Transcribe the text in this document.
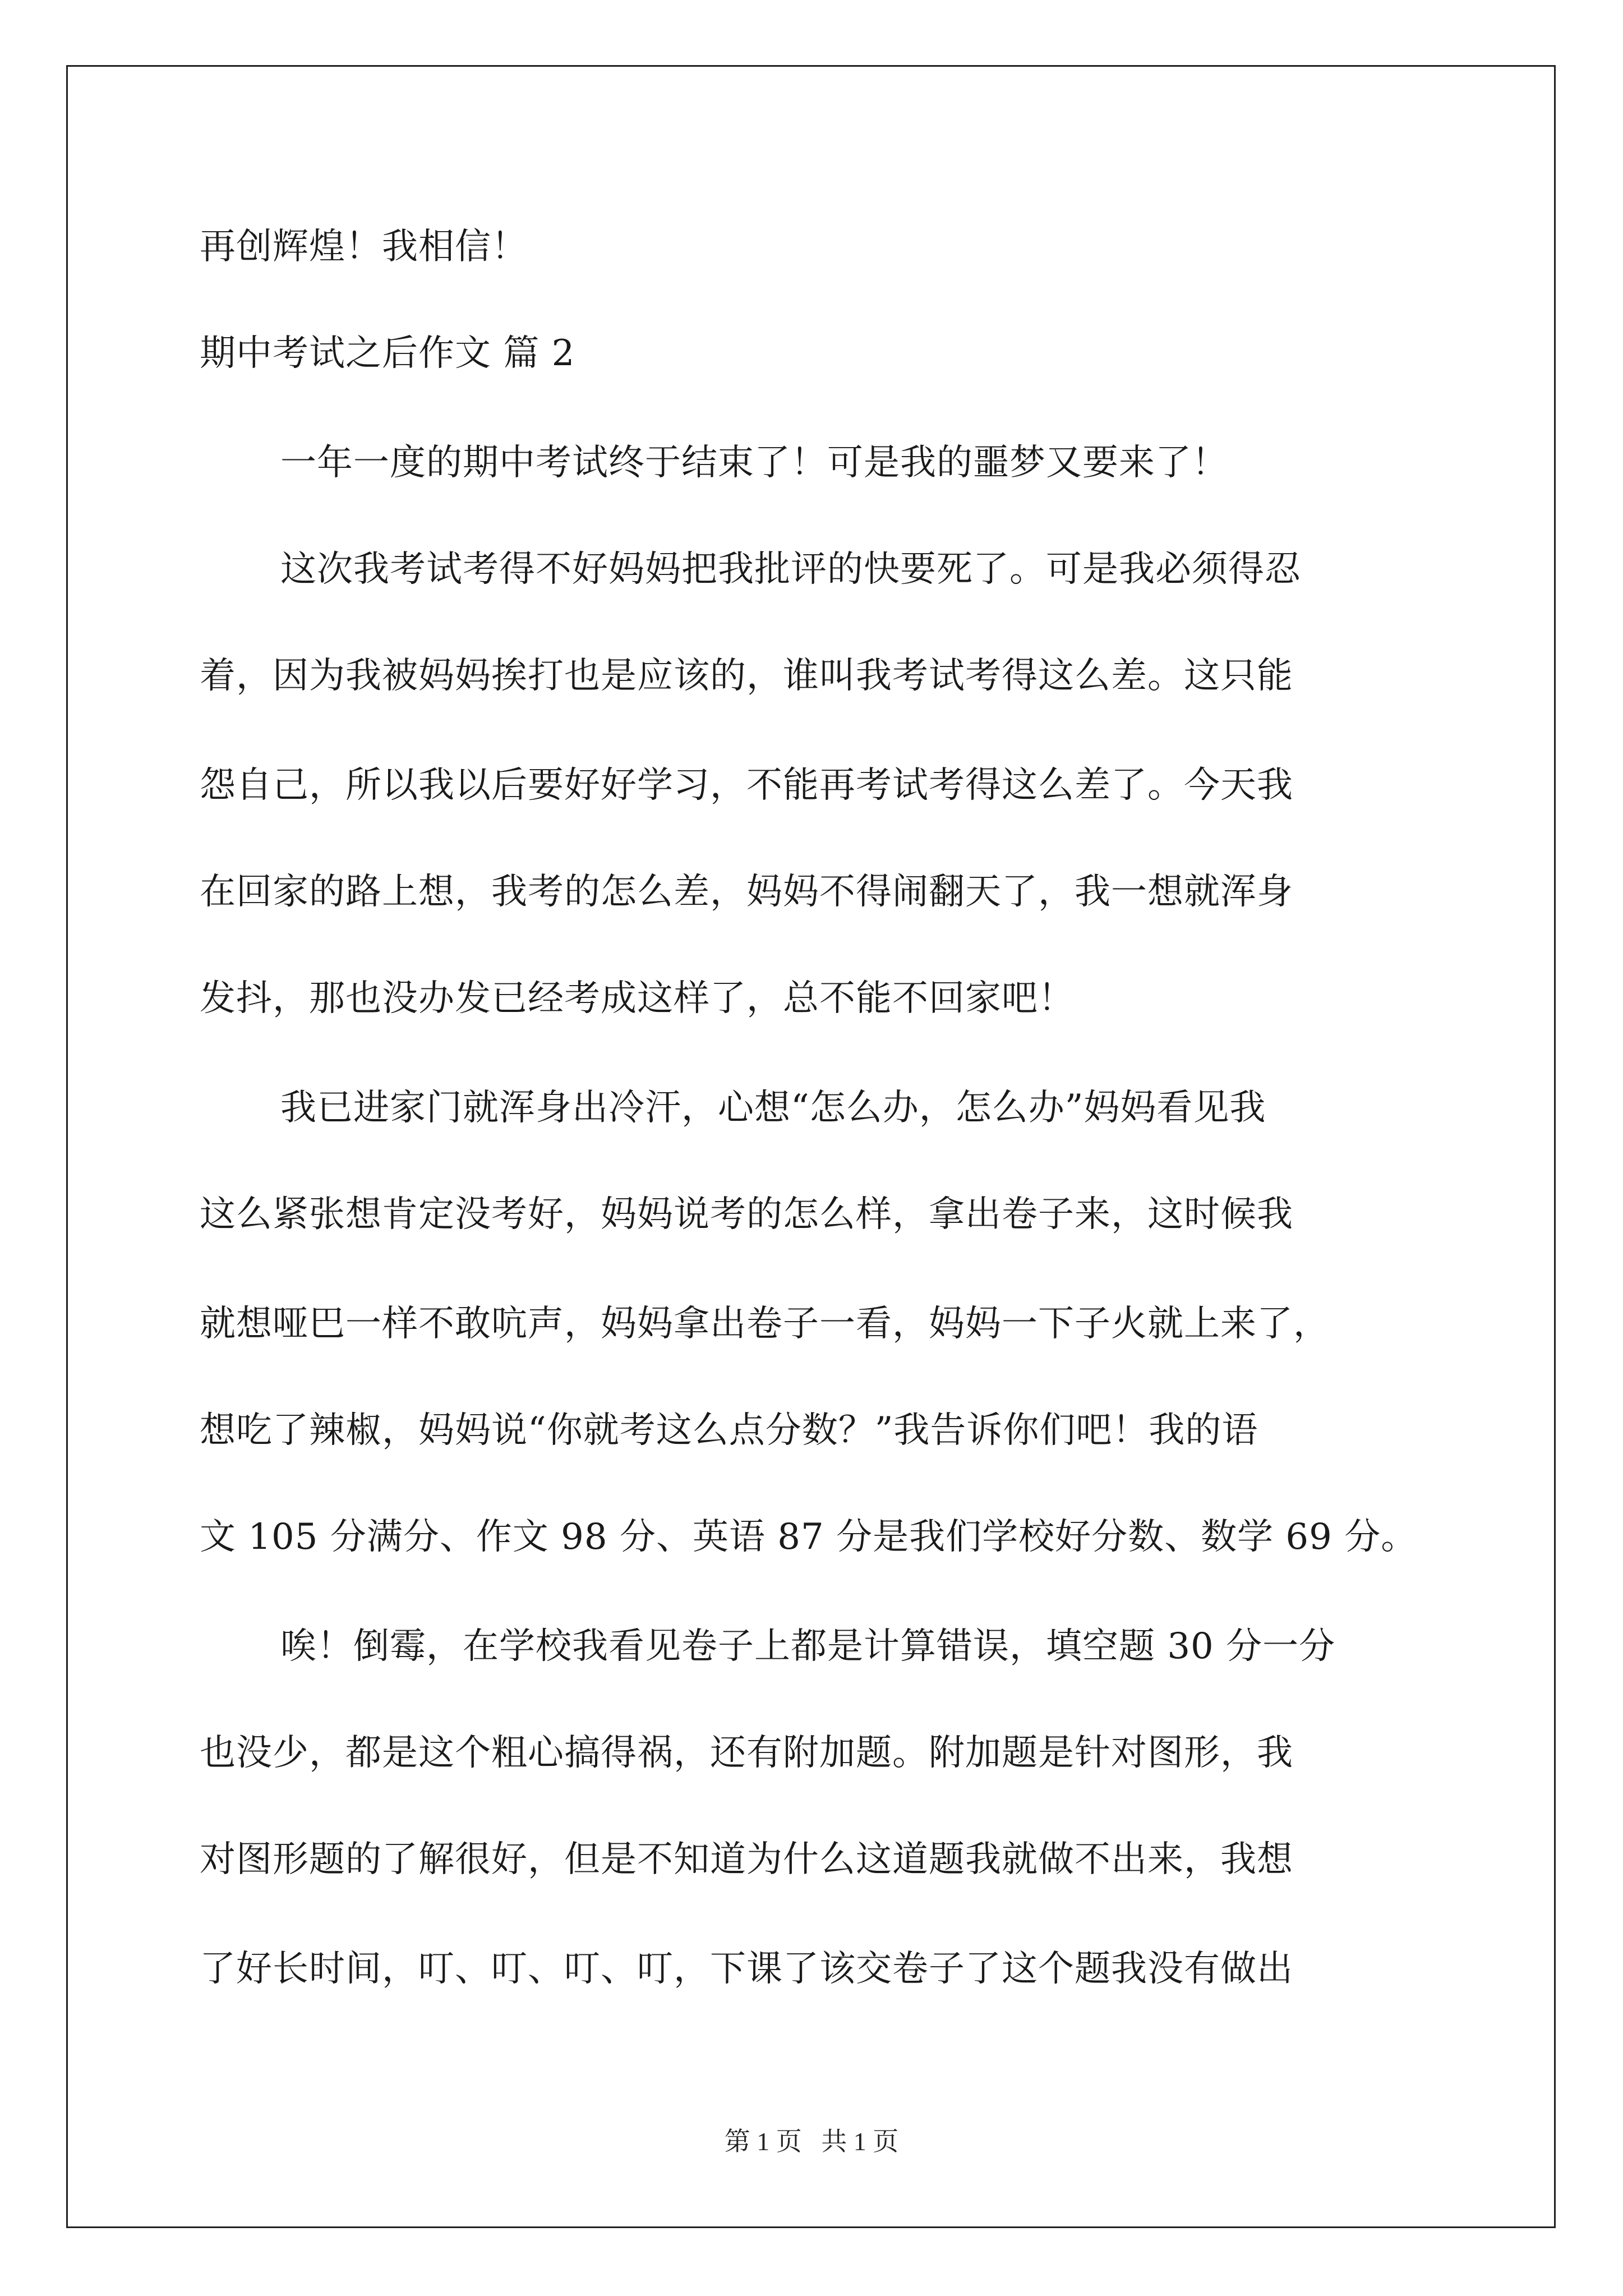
再创辉煌！我相信！
期中考试之后作文 篇 2
一年一度的期中考试终于结束了！可是我的噩梦又要来了！
这次我考试考得不好妈妈把我批评的快要死了。可是我必须得忍
着，因为我被妈妈挨打也是应该的，谁叫我考试考得这么差。这只能
怨自己，所以我以后要好好学习，不能再考试考得这么差了。今天我
在回家的路上想，我考的怎么差，妈妈不得闹翻天了，我一想就浑身
发抖，那也没办发已经考成这样了，总不能不回家吧！
我已进家门就浑身出冷汗，心想“怎么办，怎么办”妈妈看见我
这么紧张想肯定没考好，妈妈说考的怎么样，拿出卷子来，这时候我
就想哑巴一样不敢吭声，妈妈拿出卷子一看，妈妈一下子火就上来了，
想吃了辣椒，妈妈说“你就考这么点分数？”我告诉你们吧！我的语
文 105 分满分、作文 98 分、英语 87 分是我们学校好分数、数学 69 分。
唉！倒霉，在学校我看见卷子上都是计算错误，填空题 30 分一分
也没少，都是这个粗心搞得祸，还有附加题。附加题是针对图形，我
对图形题的了解很好，但是不知道为什么这道题我就做不出来，我想
了好长时间，叮、叮、叮、叮，下课了该交卷子了这个题我没有做出
第 1 页   共 1 页
